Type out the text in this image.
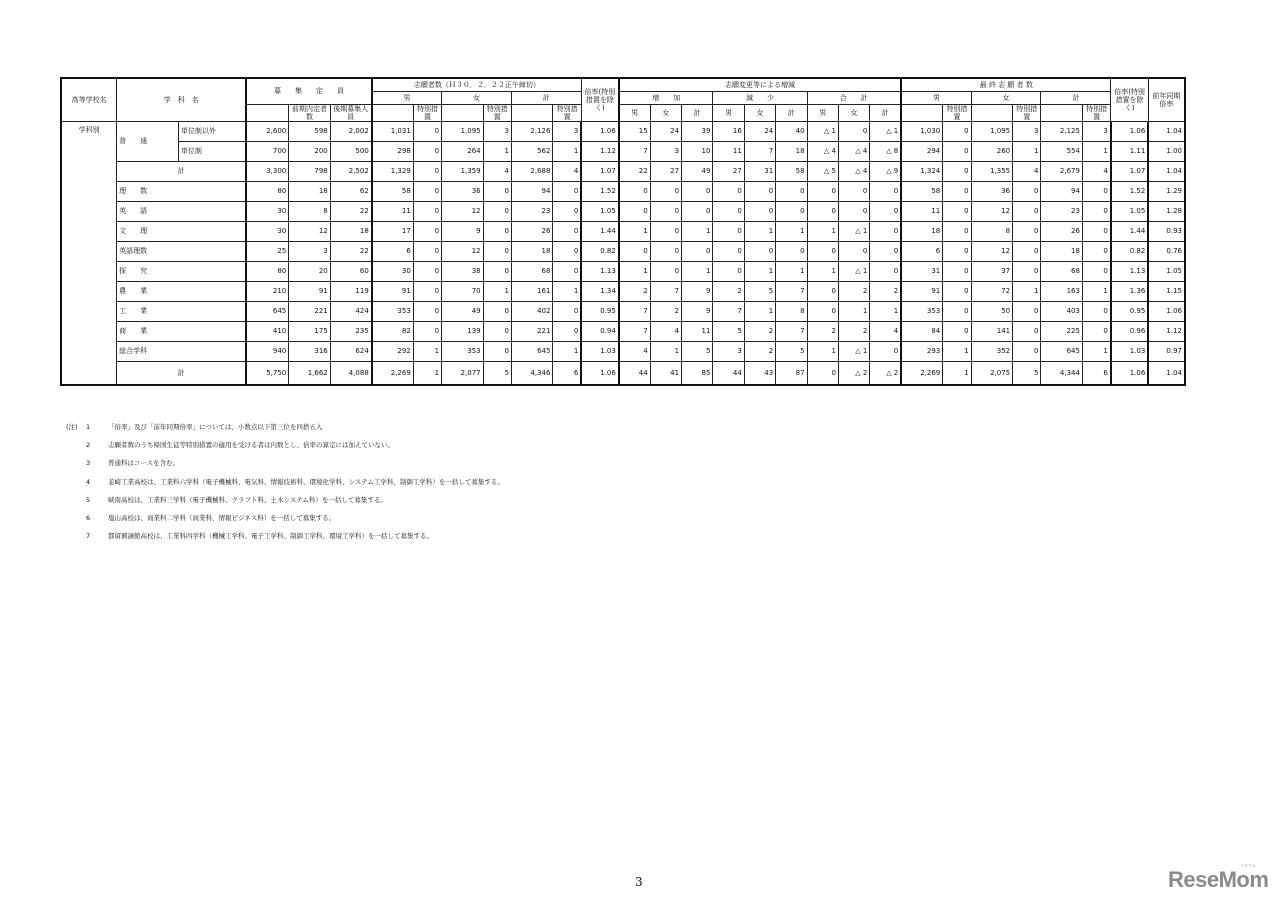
高等学校名	学　科　名		募　　集　　定　　員			志願者数（Ｈ３０．２．２２正午締切）						倍率(特別措置を除く)	志願変更等による増減									最 終 志 願 者 数						倍率(特別措置を除く)	前年同期倍率
						男		女		計			増　　加			減　　少			合　　計			男		女		計			
				前期内定者数	後期募集人員		特別措置		特別措置		特別措置												特別措置		特別措置		特別措置		
													男	女	計	男	女	計	男	女	計								
学科別	普　　通	単位制以外	2,600	598	2,002	1,031	0	1,095	3	2,126	3	1.06	15	24	39	16	24	40	△ 1	0	△ 1	1,030	0	1,095	3	2,125	3	1.06	1.04
		単位制	700	200	500	298	0	264	1	562	1	1.12	7	3	10	11	7	18	△ 4	△ 4	△ 8	294	0	260	1	554	1	1.11	1.00
	計		3,300	798	2,502	1,329	0	1,359	4	2,688	4	1.07	22	27	49	27	31	58	△ 5	△ 4	△ 9	1,324	0	1,355	4	2,679	4	1.07	1.04
	理　　数		80	18	62	58	0	36	0	94	0	1.52	0	0	0	0	0	0	0	0	0	58	0	36	0	94	0	1.52	1.29
	英　　語		30	8	22	11	0	12	0	23	0	1.05	0	0	0	0	0	0	0	0	0	11	0	12	0	23	0	1.05	1.28
	文　　理		30	12	18	17	0	9	0	26	0	1.44	1	0	1	0	1	1	1	△ 1	0	18	0	8	0	26	0	1.44	0.93
	英語理数		25	3	22	6	0	12	0	18	0	0.82	0	0	0	0	0	0	0	0	0	6	0	12	0	18	0	0.82	0.76
	探　　究		80	20	60	30	0	38	0	68	0	1.13	1	0	1	0	1	1	1	△ 1	0	31	0	37	0	68	0	1.13	1.05
	農　　業		210	91	119	91	0	70	1	161	1	1.34	2	7	9	2	5	7	0	2	2	91	0	72	1	163	1	1.36	1.15
	工　　業		645	221	424	353	0	49	0	402	0	0.95	7	2	9	7	1	8	0	1	1	353	0	50	0	403	0	0.95	1.06
	商　　業		410	175	235	82	0	139	0	221	0	0.94	7	4	11	5	2	7	2	2	4	84	0	141	0	225	0	0.96	1.12
	総合学科		940	316	624	292	1	353	0	645	1	1.03	4	1	5	3	2	5	1	△ 1	0	293	1	352	0	645	1	1.03	0.97
	計		5,750	1,662	4,088	2,269	1	2,077	5	4,346	6	1.06	44	41	85	44	43	87	0	△ 2	△ 2	2,269	1	2,075	5	4,344	6	1.06	1.04
(注)	1	「倍率」及び「前年同期倍率」については、小数点以下第三位を四捨五入
2	志願者数のうち帰国生徒等特別措置の適用を受ける者は内数とし、倍率の算定には加えていない。
3	普通科はコースを含む。
4	韮崎工業高校は、工業科六学科（電子機械科、電気科、情報技術科、環境化学科、システム工学科、制御工学科）を一括して募集する。
5	峡南高校は、工業科三学科（電子機械科、クラフト科、土木システム科）を一括して募集する。
6	塩山高校は、商業科二学科（商業科、情報ビジネス科）を一括して募集する。
7	都留興譲館高校は、工業科四学科（機械工学科、電子工学科、制御工学科、環境工学科）を一括して募集する。
3	ReseMom
リセマム
